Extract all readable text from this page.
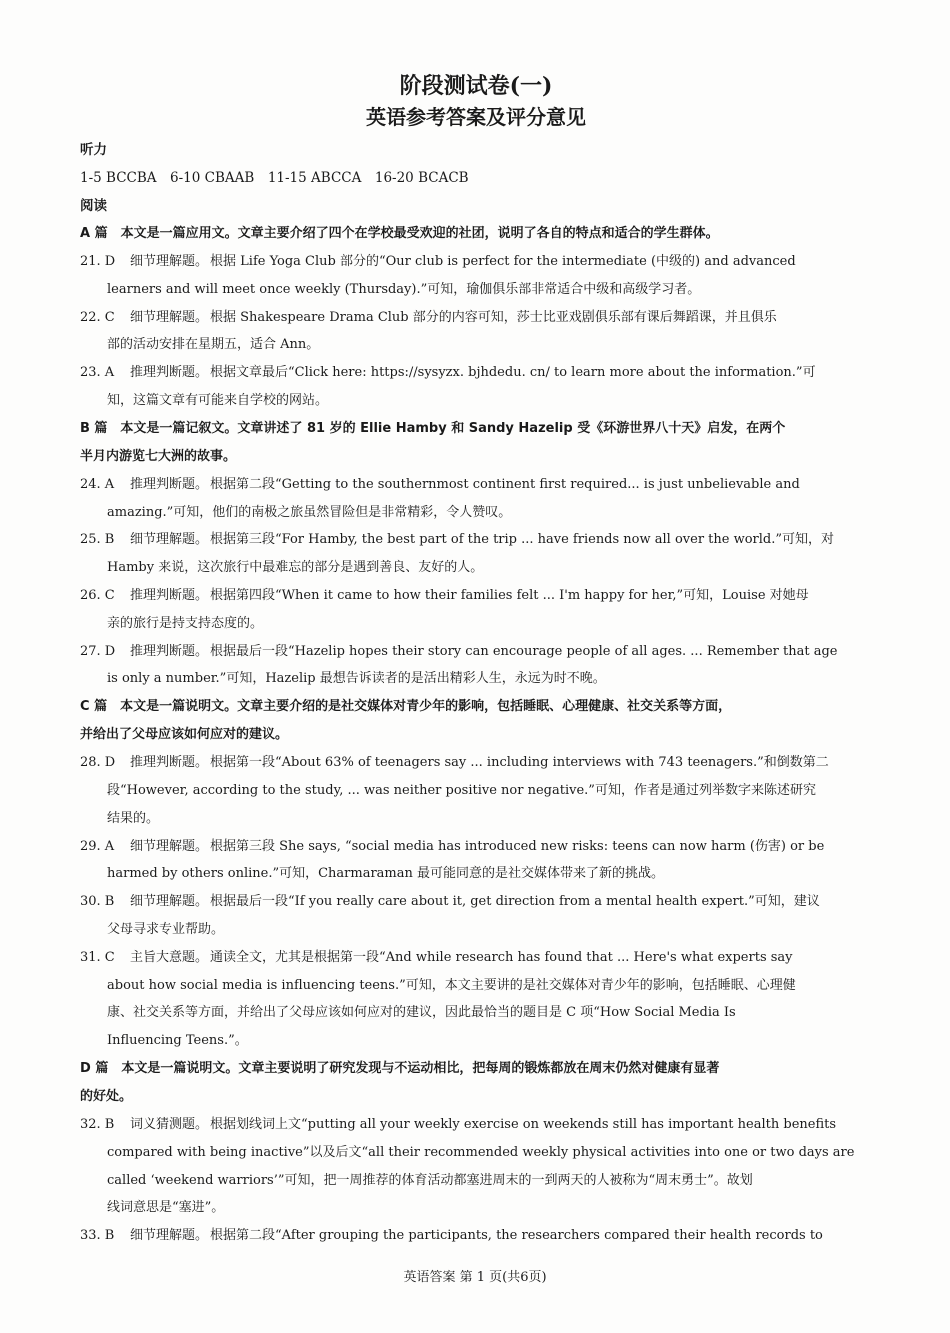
阶段测试卷(一)
英语参考答案及评分意见

听力

1-5 BCCBA　6-10 CBAAB　11-15 ABCCA　16-20 BCACB

阅读

A 篇　本文是一篇应用文。文章主要介绍了四个在学校最受欢迎的社团，说明了各自的特点和适合的学生群体。

21. D 细节理解题。 根据 Life Yoga Club 部分的“Our club is perfect for the intermediate (中级的) and advanced
learners and will meet once weekly (Thursday).”可知，瑜伽俱乐部非常适合中级和高级学习者。
22. C 细节理解题。 根据 Shakespeare Drama Club 部分的内容可知，莎士比亚戏剧俱乐部有课后舞蹈课，并且俱乐
部的活动安排在星期五，适合 Ann。
23. A 推理判断题。 根据文章最后“Click here: https://sysyzx. bjhdedu. cn/ to learn more about the information.”可
知，这篇文章有可能来自学校的网站。

B 篇　本文是一篇记叙文。文章讲述了 81 岁的 Ellie Hamby 和 Sandy Hazelip 受《环游世界八十天》启发，在两个

半月内游览七大洲的故事。

24. A 推理判断题。 根据第二段“Getting to the southernmost continent first required... is just unbelievable and
amazing.”可知，他们的南极之旅虽然冒险但是非常精彩，令人赞叹。
25. B 细节理解题。 根据第三段“For Hamby, the best part of the trip ... have friends now all over the world.”可知，对
Hamby 来说，这次旅行中最难忘的部分是遇到善良、友好的人。
26. C 推理判断题。 根据第四段“When it came to how their families felt ... I'm happy for her,”可知，Louise 对她母
亲的旅行是持支持态度的。
27. D 推理判断题。 根据最后一段“Hazelip hopes their story can encourage people of all ages. ... Remember that age
is only a number.”可知，Hazelip 最想告诉读者的是活出精彩人生，永远为时不晚。

C 篇　本文是一篇说明文。文章主要介绍的是社交媒体对青少年的影响，包括睡眠、心理健康、社交关系等方面，

并给出了父母应该如何应对的建议。

28. D 推理判断题。 根据第一段“About 63% of teenagers say ... including interviews with 743 teenagers.”和倒数第二
段“However, according to the study, ... was neither positive nor negative.”可知，作者是通过列举数字来陈述研究
结果的。
29. A 细节理解题。 根据第三段 She says, “social media has introduced new risks: teens can now harm (伤害) or be
harmed by others online.”可知，Charmaraman 最可能同意的是社交媒体带来了新的挑战。
30. B 细节理解题。 根据最后一段“If you really care about it, get direction from a mental health expert.”可知，建议
父母寻求专业帮助。
31. C 主旨大意题。 通读全文，尤其是根据第一段“And while research has found that ... Here's what experts say
about how social media is influencing teens.”可知，本文主要讲的是社交媒体对青少年的影响，包括睡眠、心理健
康、社交关系等方面，并给出了父母应该如何应对的建议，因此最恰当的题目是 C 项“How Social Media Is
Influencing Teens.”。

D 篇　本文是一篇说明文。文章主要说明了研究发现与不运动相比，把每周的锻炼都放在周末仍然对健康有显著

的好处。

32. B 词义猜测题。 根据划线词上文“putting all your weekly exercise on weekends still has important health benefits
compared with being inactive”以及后文“all their recommended weekly physical activities into one or two days are
called ‘weekend warriors’”可知，把一周推荐的体育活动都塞进周末的一到两天的人被称为“周末勇士”。故划
线词意思是“塞进”。
33. B 细节理解题。 根据第二段“After grouping the participants, the researchers compared their health records to
英语答案 第 1 页(共6页)
